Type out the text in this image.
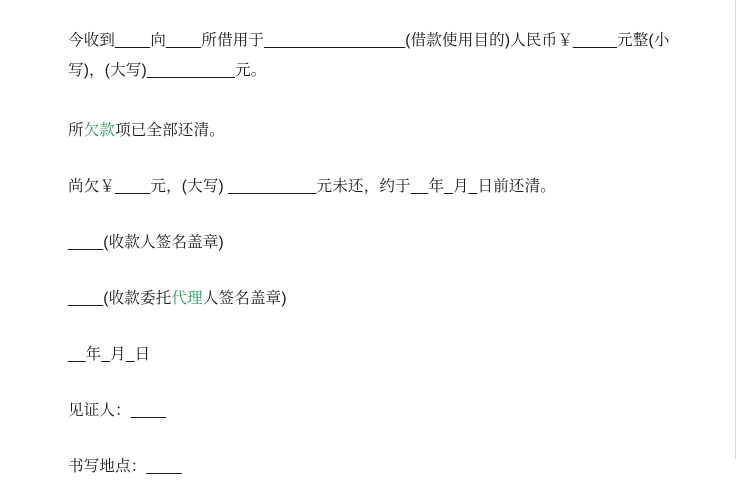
今收到____向____所借用于________________(借款使用目的)人民币￥_____元整(小写)，(大写)__________元。

所欠款项已全部还清。

尚欠￥____元，(大写) __________元未还，约于__年_月_日前还清。

____(收款人签名盖章)

____(收款委托代理人签名盖章)

__年_月_日

见证人：____

书写地点：____
